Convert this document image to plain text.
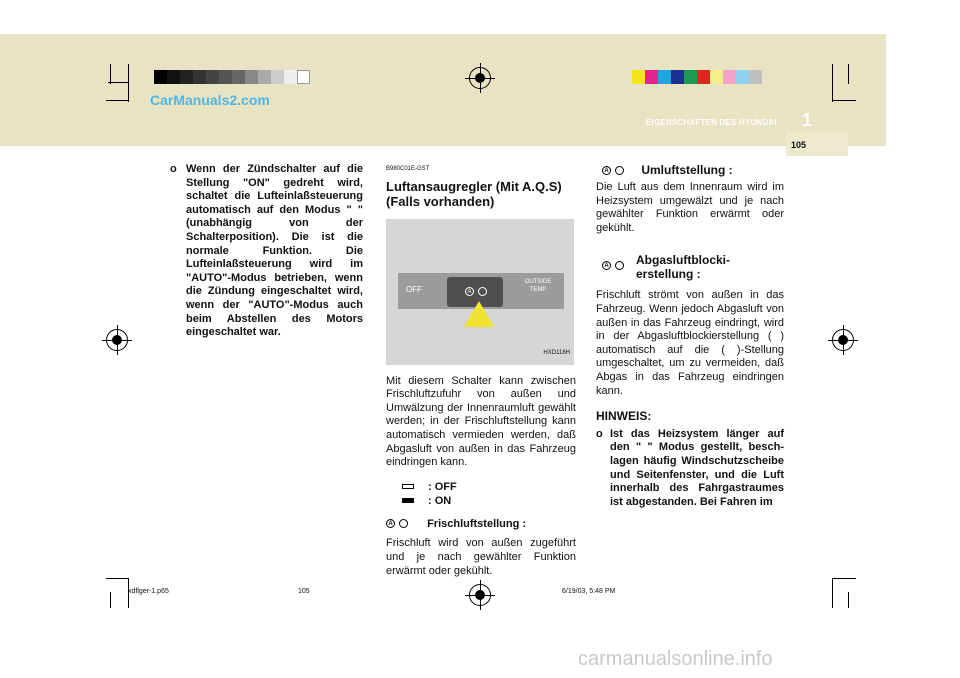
EIGENSCHAFTEN DES HYUNDAI 1
105
CarManuals2.com
o Wenn der Zündschalter auf die Stellung "ON" gedreht wird, schaltet die Lufteinlaßsteuerung automatisch auf den Modus " " (unabhängig von der Schalterposition). Die ist die normale Funktion. Die Lufteinlaßsteuerung wird im "AUTO"-Modus betrieben, wenn die Zündung eingeschaltet wird, wenn der "AUTO"-Modus auch beim Abstellen des Motors eingeschaltet war.
B980C01E-GST
Luftansaugregler (Mit A.Q.S) (Falls vorhanden)
OFF	A
OUTSIDE
TEMP
HXD118H
Mit diesem Schalter kann zwischen Frischluftzufuhr von außen und Umwälzung der Innenraumluft gewählt werden; in der Frischluftstellung kann automatisch vermieden werden, daß Abgasluft von außen in das Fahrzeug eindringen kann.
: OFF
: ON
A	Frischluftstellung :
Frischluft wird von außen zugeführt und je nach gewählter Funktion erwärmt oder gekühlt.
A	Umluftstellung :
Die Luft aus dem Innenraum wird im Heizsystem umgewälzt und je nach gewählter Funktion erwärmt oder gekühlt.
A	Abgasluftblocki-
erstellung :
Frischluft strömt von außen in das Fahrzeug. Wenn jedoch Abgasluft von außen in das Fahrzeug eindringt, wird in der Abgasluftblockierstellung ( ) automatisch auf die ( )-Stellung umgeschaltet, um zu vermeiden, daß Abgas in das Fahrzeug eindringen kann.
HINWEIS:
o Ist das Heizsystem länger auf den " " Modus gestellt, besch-lagen häufig Windschutzscheibe und Seitenfenster, und die Luft innerhalb des Fahrgastraumes ist abgestanden. Bei Fahren im
xdflger-1.p65	105	6/19/03, 5:48 PM
carmanualsonline.info
